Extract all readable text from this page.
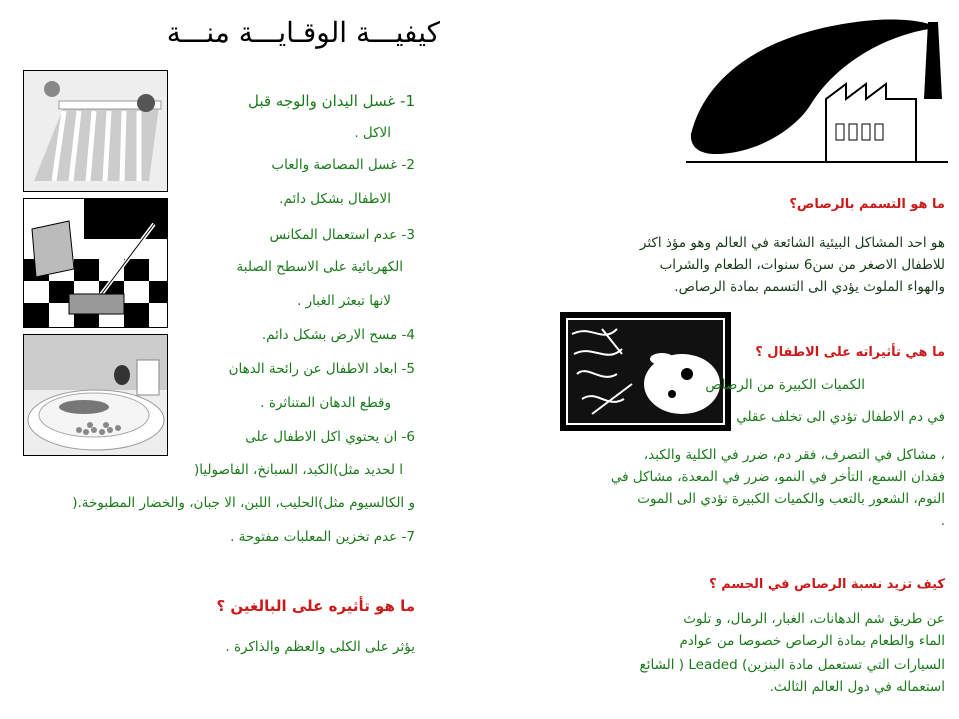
كيفيـــة الوقـايـــة منـــة
1- غسل اليدان والوجه قبل
الاكل .
2- غسل المصاصة والعاب
الاطفال بشكل دائم.
3- عدم استعمال المكانس
الكهربائية على الاسطح الصلبة
لانها تبعثر الغبار .
4- مسح الارض بشكل دائم.
5- ابعاد الاطفال عن رائحة الدهان
وقطع الدهان المتناثرة .
6- ان يحتوي اكل الاطفال على
ا لحديد مثل)الكبد، السبانخ، الفاصوليا(
و الكالسيوم مثل)الحليب، اللبن، الا جبان، والخضار المطبوخة.(
7- عدم تخزين المعلبات مفتوحة .
ما هو تأثيره على البالغين ؟
يؤثر على الكلى والعظم والذاكرة .
ما هو التسمم بالرصاص؟
هو احد المشاكل البيئية الشائعة في العالم وهو مؤذ اكثر
للاطفال الاصغر من سن6 سنوات، الطعام والشراب
والهواء الملوث يؤدي الى التسمم بمادة الرصاص.
ما هي تأثيراته على الاطفال ؟
الكميات الكبيرة من الرصاص
في دم الاطفال تؤدي الى تخلف عقلي
، مشاكل في التصرف، فقر دم، ضرر في الكلية والكبد،
فقدان السمع، التأخر في النمو، ضرر في المعدة، مشاكل في
النوم، الشعور بالتعب والكميات الكبيرة تؤدي الى الموت
.
كيف تزيد نسبة الرصاص في الجسم ؟
عن طريق شم الدهانات، الغبار، الرمال، و تلوث
الماء والطعام بمادة الرصاص خصوصا من عوادم
السيارات التي تستعمل مادة البنزين) Leaded ( الشائع
استعماله في دول العالم الثالث.
